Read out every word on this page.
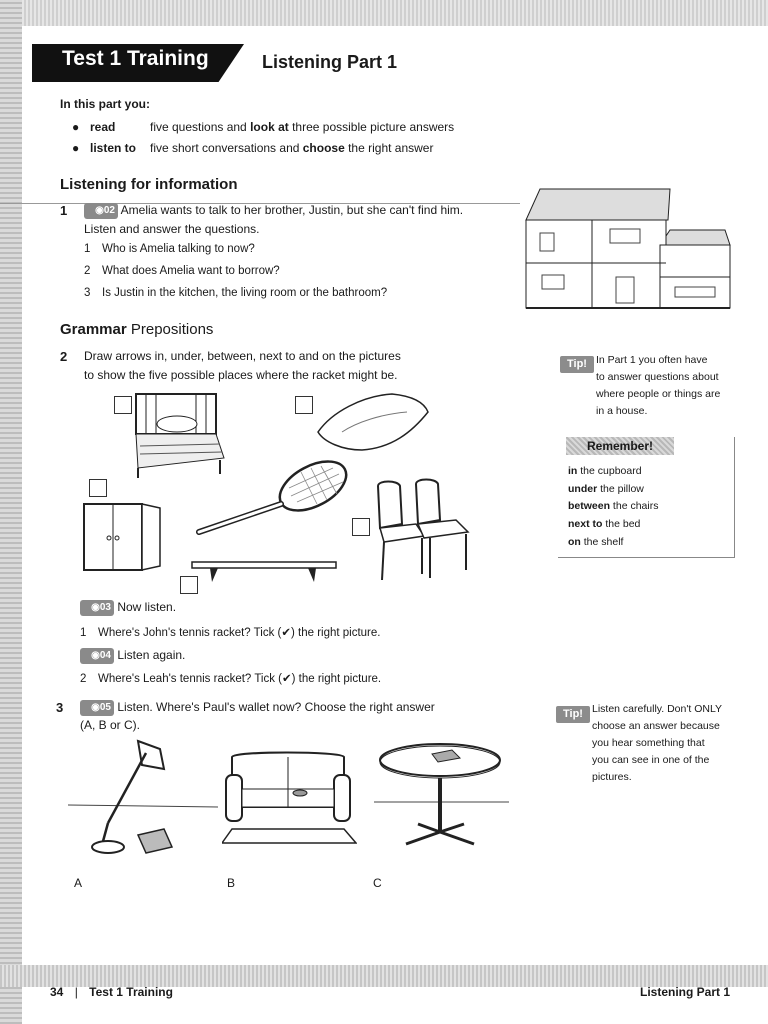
Test 1 Training	Listening Part 1
In this part you:
● read	five questions and look at three possible picture answers
● listen to	five short conversations and choose the right answer
Listening for information
1	◉02 Amelia wants to talk to her brother, Justin, but she can't find him.
Listen and answer the questions.
1 Who is Amelia talking to now?
2 What does Amelia want to borrow?
3 Is Justin in the kitchen, the living room or the bathroom?
Grammar Prepositions
2 Draw arrows in, under, between, next to and on the pictures
to show the five possible places where the racket might be.
Tip! In Part 1 you often have
to answer questions about
where people or things are
in a house.
Remember!
in the cupboard
under the pillow
between the chairs
next to the bed
on the shelf
◉03 Now listen.
1 Where's John's tennis racket? Tick (✔) the right picture.
◉04 Listen again.
2 Where's Leah's tennis racket? Tick (✔) the right picture.
3	◉05 Listen. Where's Paul's wallet now? Choose the right answer
(A, B or C).
Tip! Listen carefully. Don't ONLY
choose an answer because
you hear something that
you can see in one of the
pictures.
A	B	C
34 | Test 1 Training	Listening Part 1
